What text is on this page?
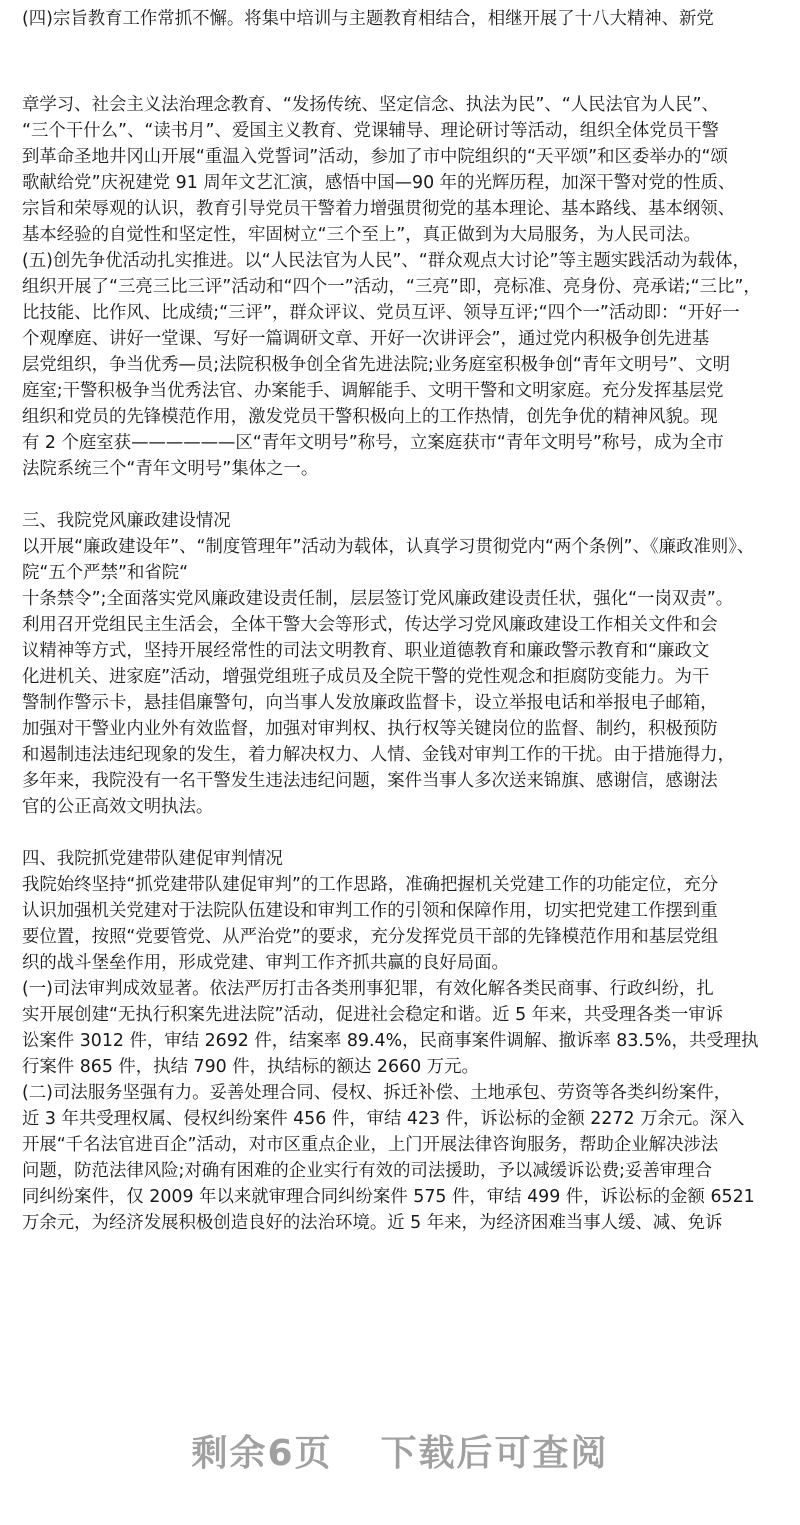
(四)宗旨教育工作常抓不懈。将集中培训与主题教育相结合，相继开展了十八大精神、新党
章学习、社会主义法治理念教育、“发扬传统、坚定信念、执法为民”、“人民法官为人民”、
“三个干什么”、“读书月”、爱国主义教育、党课辅导、理论研讨等活动，组织全体党员干警
到革命圣地井冈山开展“重温入党誓词”活动，参加了市中院组织的“天平颂”和区委举办的“颂
歌献给党”庆祝建党 91 周年文艺汇演，感悟中国—90 年的光辉历程，加深干警对党的性质、
宗旨和荣辱观的认识，教育引导党员干警着力增强贯彻党的基本理论、基本路线、基本纲领、
基本经验的自觉性和坚定性，牢固树立“三个至上”，真正做到为大局服务，为人民司法。
(五)创先争优活动扎实推进。以“人民法官为人民”、“群众观点大讨论”等主题实践活动为载体，
组织开展了“三亮三比三评”活动和“四个一”活动，“三亮”即，亮标准、亮身份、亮承诺;“三比”，
比技能、比作风、比成绩;“三评”，群众评议、党员互评、领导互评;“四个一”活动即：“开好一
个观摩庭、讲好一堂课、写好一篇调研文章、开好一次讲评会”，通过党内积极争创先进基
层党组织，争当优秀—员;法院积极争创全省先进法院;业务庭室积极争创“青年文明号”、文明
庭室;干警积极争当优秀法官、办案能手、调解能手、文明干警和文明家庭。充分发挥基层党
组织和党员的先锋模范作用，激发党员干警积极向上的工作热情，创先争优的精神风貌。现
有 2 个庭室获——————区“青年文明号”称号，立案庭获市“青年文明号”称号，成为全市
法院系统三个“青年文明号”集体之一。
三、我院党风廉政建设情况
以开展“廉政建设年”、“制度管理年”活动为载体，认真学习贯彻党内“两个条例”、《廉政准则》、
院“五个严禁”和省院“
十条禁令”;全面落实党风廉政建设责任制，层层签订党风廉政建设责任状，强化“一岗双责”。
利用召开党组民主生活会，全体干警大会等形式，传达学习党风廉政建设工作相关文件和会
议精神等方式，坚持开展经常性的司法文明教育、职业道德教育和廉政警示教育和“廉政文
化进机关、进家庭”活动，增强党组班子成员及全院干警的党性观念和拒腐防变能力。为干
警制作警示卡，悬挂倡廉警句，向当事人发放廉政监督卡，设立举报电话和举报电子邮箱，
加强对干警业内业外有效监督，加强对审判权、执行权等关键岗位的监督、制约，积极预防
和遏制违法违纪现象的发生，着力解决权力、人情、金钱对审判工作的干扰。由于措施得力，
多年来，我院没有一名干警发生违法违纪问题，案件当事人多次送来锦旗、感谢信，感谢法
官的公正高效文明执法。
四、我院抓党建带队建促审判情况
我院始终坚持“抓党建带队建促审判”的工作思路，准确把握机关党建工作的功能定位，充分
认识加强机关党建对于法院队伍建设和审判工作的引领和保障作用，切实把党建工作摆到重
要位置，按照“党要管党、从严治党”的要求，充分发挥党员干部的先锋模范作用和基层党组
织的战斗堡垒作用，形成党建、审判工作齐抓共赢的良好局面。
(一)司法审判成效显著。依法严厉打击各类刑事犯罪，有效化解各类民商事、行政纠纷，扎
实开展创建“无执行积案先进法院”活动，促进社会稳定和谐。近 5 年来，共受理各类一审诉
讼案件 3012 件，审结 2692 件，结案率 89.4%，民商事案件调解、撤诉率 83.5%，共受理执
行案件 865 件，执结 790 件，执结标的额达 2660 万元。
(二)司法服务坚强有力。妥善处理合同、侵权、拆迁补偿、土地承包、劳资等各类纠纷案件，
近 3 年共受理权属、侵权纠纷案件 456 件，审结 423 件，诉讼标的金额 2272 万余元。深入
开展“千名法官进百企”活动，对市区重点企业，上门开展法律咨询服务，帮助企业解决涉法
问题，防范法律风险;对确有困难的企业实行有效的司法援助，予以减缓诉讼费;妥善审理合
同纠纷案件，仅 2009 年以来就审理合同纠纷案件 575 件，审结 499 件，诉讼标的金额 6521
万余元，为经济发展积极创造良好的法治环境。近 5 年来，为经济困难当事人缓、减、免诉
剩余6页 下载后可查阅
